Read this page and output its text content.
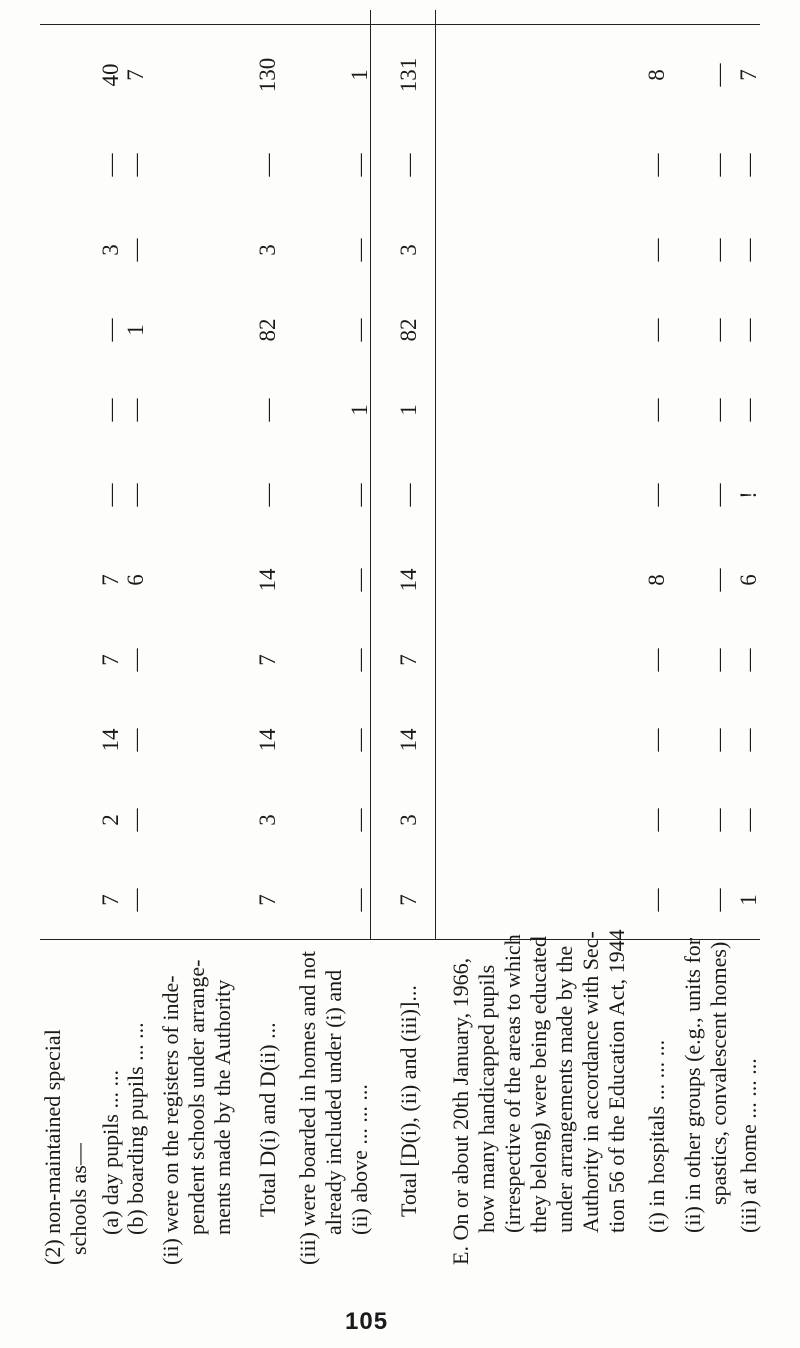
(2) non-maintained special schools as— (a) day pupils ... ...
7
2
14
7
7
—
—
—
3
—
40
(b) boarding pupils ... ...
—
—
—
—
6
—
—
1
—
—
7
(ii) were on the registers of inde- pendent schools under arrange- ments made by the Authority Total D(i) and D(ii) ...
7
3
14
7
14
—
—
82
3
—
130
(iii) were boarded in homes and not already included under (i) and (ii) above ... ... ...
—
—
—
—
—
—
1
—
—
—
1
Total [D(i), (ii) and (iii)]...
7
3
14
7
14
—
1
82
3
—
131
E. On or about 20th January, 1966, how many handicapped pupils (irrespective of the areas to which they belong) were being educated under arrangements made by the Authority in accordance with Sec- tion 56 of the Education Act, 1944 (i) in hospitals ... ... ...
—
—
—
—
8
—
—
—
—
—
8
(ii) in other groups (e.g., units for spastics, convalescent homes)
—
—
—
—
—
—
—
—
—
—
—
(iii) at home ... ... ...
1
—
—
—
6
!
—
—
—
—
7
105
